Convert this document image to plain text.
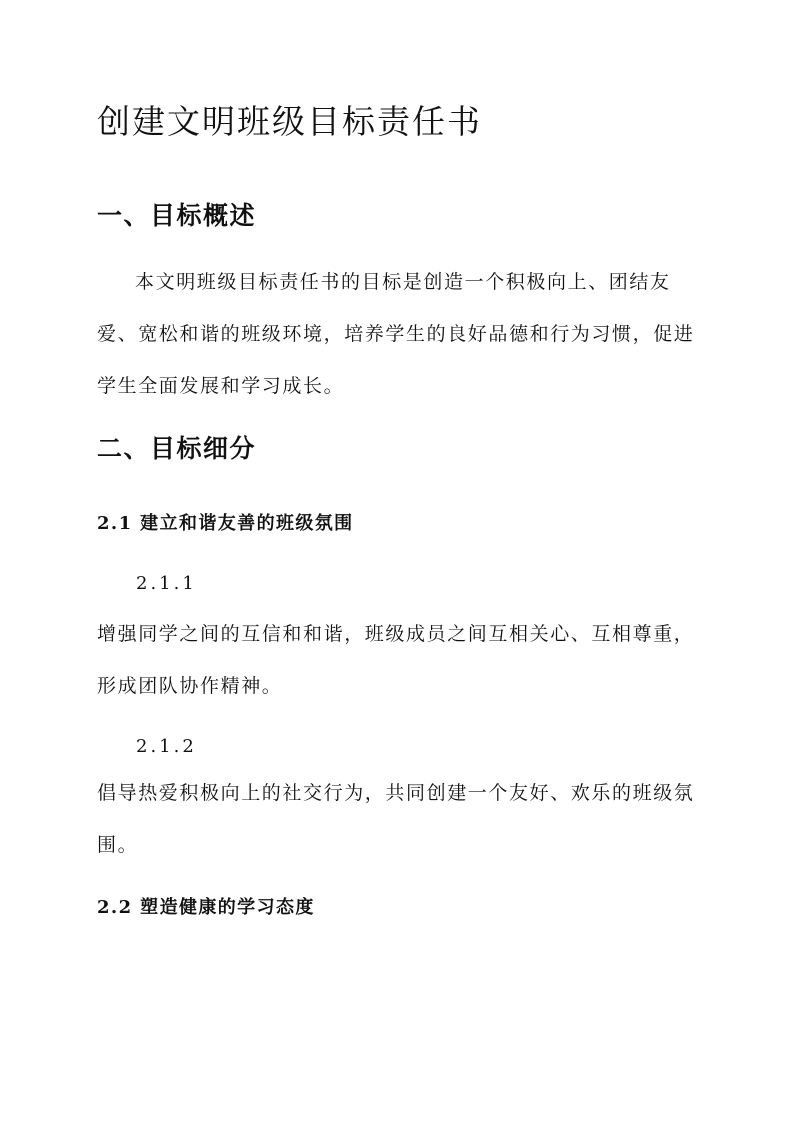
创建文明班级目标责任书
一、目标概述

本文明班级目标责任书的目标是创造一个积极向上、团结友爱、宽松和谐的班级环境，培养学生的良好品德和行为习惯，促进学生全面发展和学习成长。

二、目标细分
2.1 建立和谐友善的班级氛围

2.1.1

增强同学之间的互信和和谐，班级成员之间互相关心、互相尊重，形成团队协作精神。

2.1.2

倡导热爱积极向上的社交行为，共同创建一个友好、欢乐的班级氛围。

2.2 塑造健康的学习态度
